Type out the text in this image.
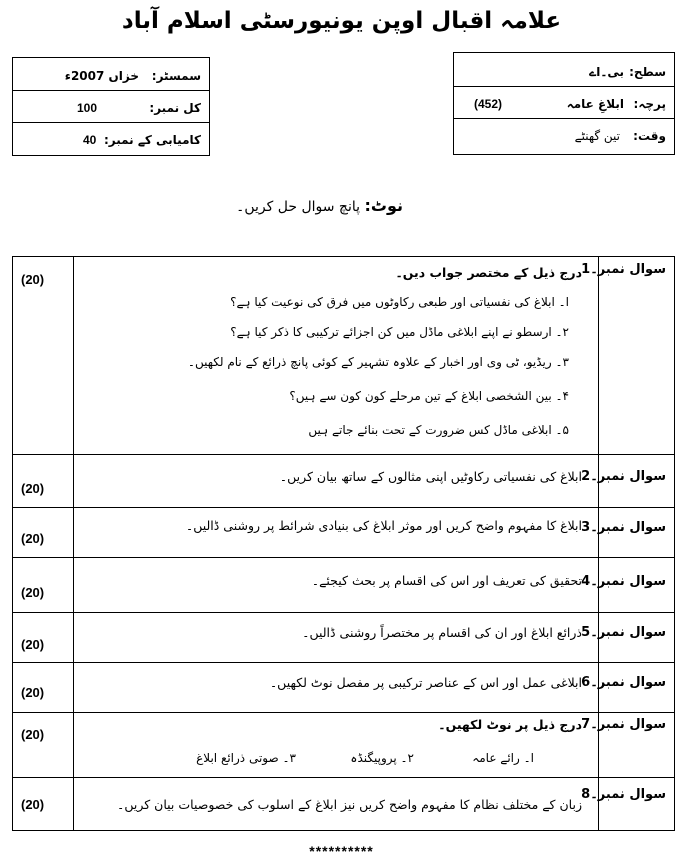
علامہ اقبال اوپن یونیورسٹی اسلام آباد
سمسٹر:
خزاں 2007ء
کل نمبر:
100
کامیابی کے نمبر:
40
سطح:
بی۔اے
پرچہ:
ابلاغِ عامہ
(452)
وقت:
تین گھنٹے
نوٹ: پانچ سوال حل کریں۔
سوال نمبر۔1
(20)	درج ذیل کے مختصر جواب دیں۔
ا۔ ابلاغ کی نفسیاتی اور طبعی رکاوٹوں میں فرق کی نوعیت کیا ہے؟
۲۔ ارسطو نے اپنے ابلاغی ماڈل میں کن اجزائے ترکیبی کا ذکر کیا ہے؟
۳۔ ریڈیو، ٹی وی اور اخبار کے علاوہ تشہیر کے کوئی پانچ ذرائع کے نام لکھیں۔
۴۔ بین الشخصی ابلاغ کے تین مرحلے کون کون سے ہیں؟
۵۔ ابلاغی ماڈل کس ضرورت کے تحت بنائے جاتے ہیں
سوال نمبر۔2
(20)
ابلاغ کی نفسیاتی رکاوٹیں اپنی مثالوں کے ساتھ بیان کریں۔
سوال نمبر۔3
(20)
ابلاغ کا مفہوم واضح کریں اور موثر ابلاغ کی بنیادی شرائط پر روشنی ڈالیں۔
سوال نمبر۔4
(20)
تحقیق کی تعریف اور اس کی اقسام پر بحث کیجئے۔
سوال نمبر۔5
(20)
ذرائع ابلاغ اور ان کی اقسام پر مختصراً روشنی ڈالیں۔
سوال نمبر۔6
(20)
ابلاغی عمل اور اس کے عناصر ترکیبی پر مفصل نوٹ لکھیں۔
سوال نمبر۔7
(20)
درج ذیل پر نوٹ لکھیں۔
ا۔ رائے عامہ
۲۔ پروپیگنڈہ
۳۔ صوتی ذرائع ابلاغ
سوال نمبر۔8
(20)	زبان کے مختلف نظام کا مفہوم واضح کریں نیز ابلاغ کے اسلوب کی خصوصیات بیان کریں۔
**********
